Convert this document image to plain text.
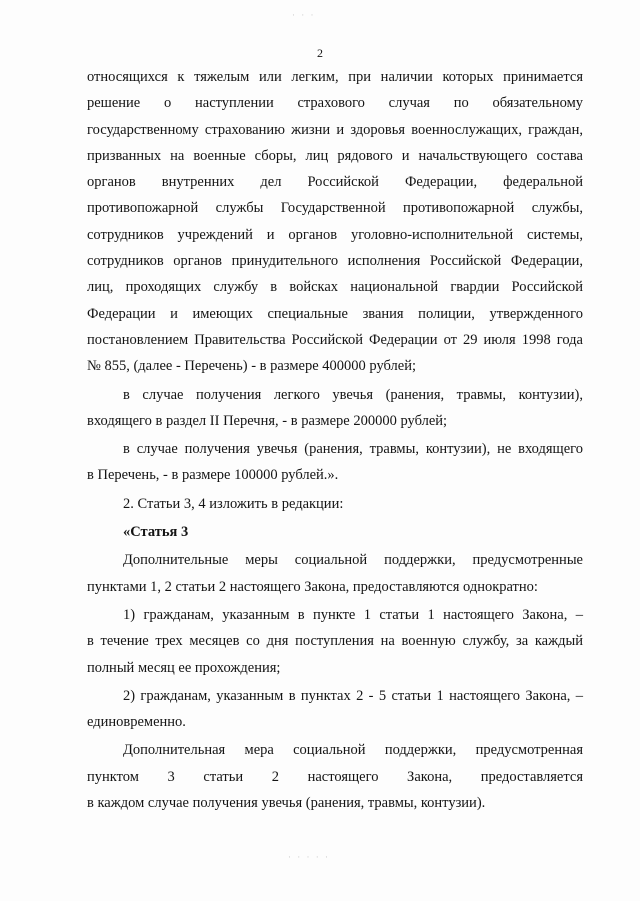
· · ·
2

относящихся к тяжелым или легким, при наличии которых принимается
решение о наступлении страхового случая по обязательному
государственному страхованию жизни и здоровья военнослужащих, граждан,
призванных на военные сборы, лиц рядового и начальствующего состава
органов внутренних дел Российской Федерации, федеральной
противопожарной службы Государственной противопожарной службы,
сотрудников учреждений и органов уголовно-исполнительной системы,
сотрудников органов принудительного исполнения Российской Федерации,
лиц, проходящих службу в войсках национальной гвардии Российской
Федерации и имеющих специальные звания полиции, утвержденного
постановлением Правительства Российской Федерации от 29 июля 1998 года
№ 855, (далее - Перечень) - в размере 400000 рублей;

в случае получения легкого увечья (ранения, травмы, контузии),
входящего в раздел II Перечня, - в размере 200000 рублей;

в случае получения увечья (ранения, травмы, контузии), не входящего
в Перечень, - в размере 100000 рублей.».

2. Статьи 3, 4 изложить в редакции:

«Статья 3

Дополнительные меры социальной поддержки, предусмотренные
пунктами 1, 2 статьи 2 настоящего Закона, предоставляются однократно:

1) гражданам, указанным в пункте 1 статьи 1 настоящего Закона, –
в течение трех месяцев со дня поступления на военную службу, за каждый
полный месяц ее прохождения;

2) гражданам, указанным в пунктах 2 - 5 статьи 1 настоящего Закона, –
единовременно.

Дополнительная мера социальной поддержки, предусмотренная
пунктом 3 статьи 2 настоящего Закона, предоставляется
в каждом случае получения увечья (ранения, травмы, контузии).

· · · · ·
